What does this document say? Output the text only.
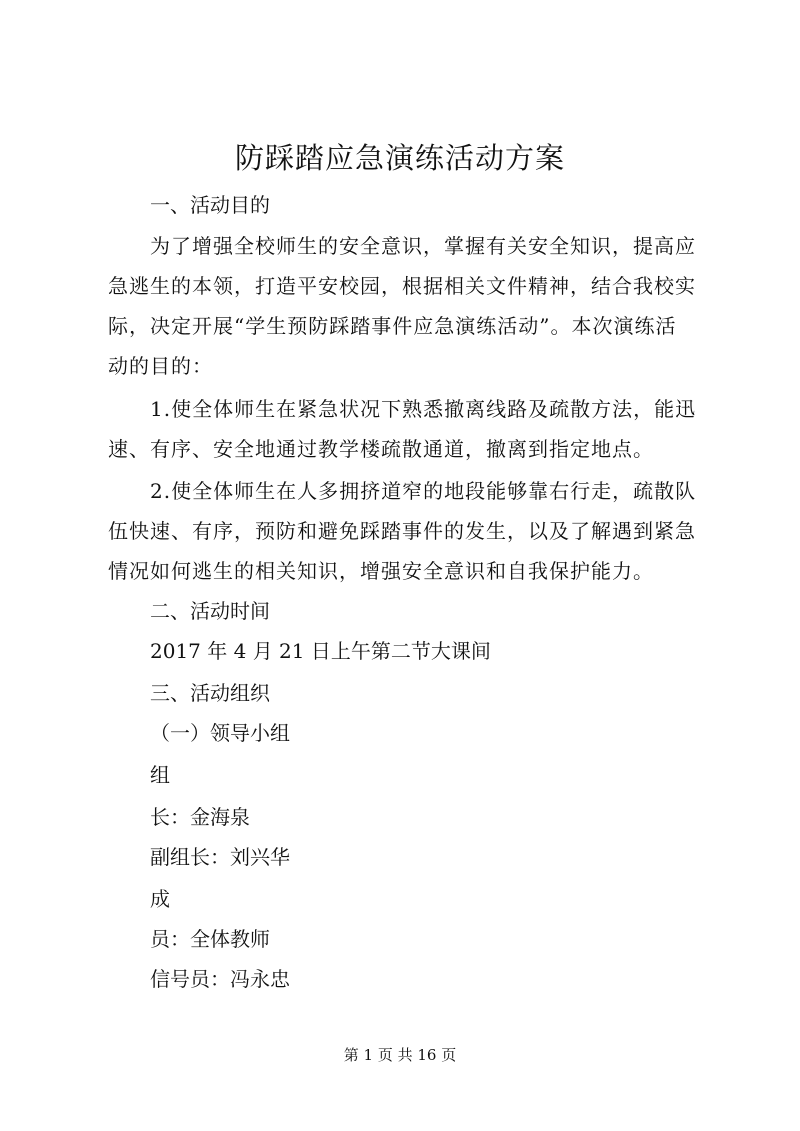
防踩踏应急演练活动方案
一、活动目的
为了增强全校师生的安全意识，掌握有关安全知识，提高应
急逃生的本领，打造平安校园，根据相关文件精神，结合我校实
际，决定开展“学生预防踩踏事件应急演练活动”。本次演练活
动的目的：
1.使全体师生在紧急状况下熟悉撤离线路及疏散方法，能迅
速、有序、安全地通过教学楼疏散通道，撤离到指定地点。
2.使全体师生在人多拥挤道窄的地段能够靠右行走，疏散队
伍快速、有序，预防和避免踩踏事件的发生，以及了解遇到紧急
情况如何逃生的相关知识，增强安全意识和自我保护能力。
二、活动时间
2017 年 4 月 21 日上午第二节大课间
三、活动组织
（一）领导小组
组
长：金海泉
副组长：刘兴华
成
员：全体教师
信号员：冯永忠
第 1 页 共 16 页
